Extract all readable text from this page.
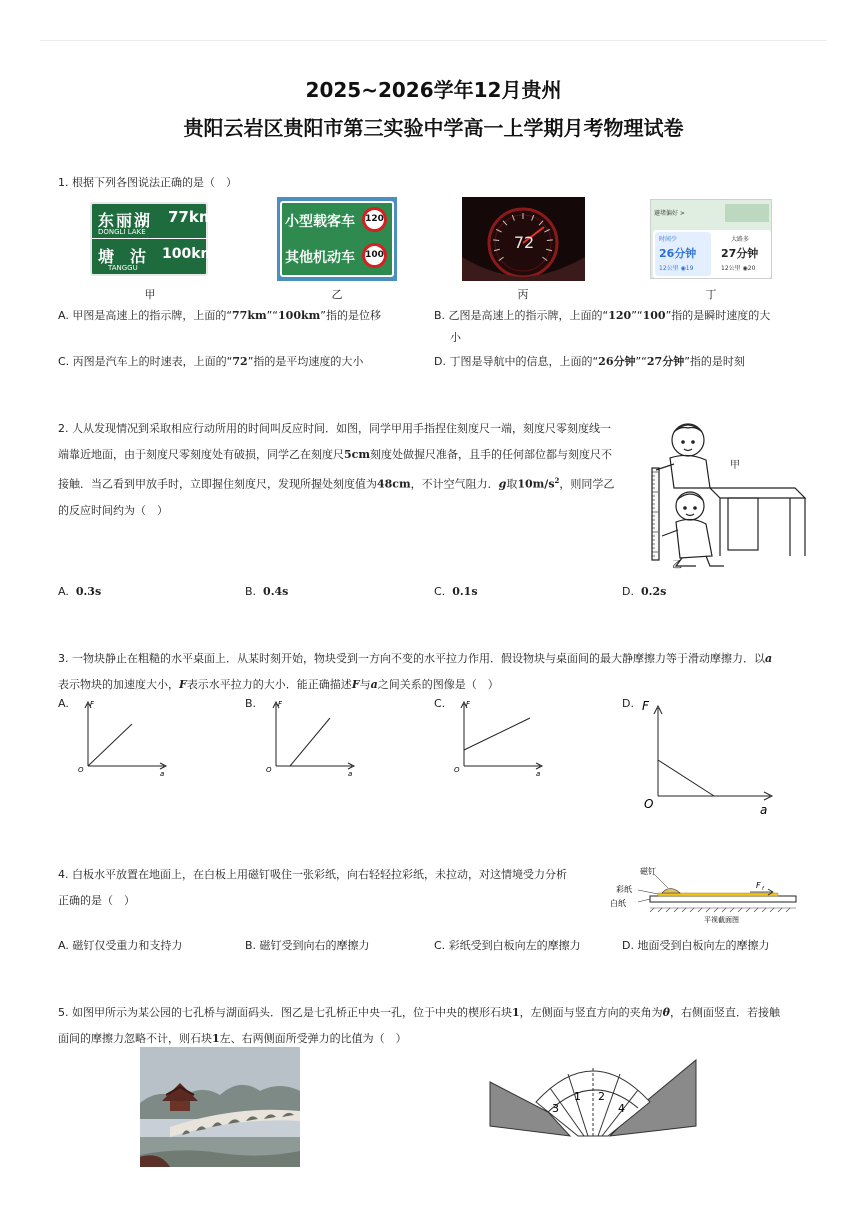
2025~2026学年12月贵州
贵阳云岩区贵阳市第三实验中学高一上学期月考物理试卷
1. 根据下列各图说法正确的是（　）
东丽湖 77km
DONGLI LAKE
塘　沽 100km
TANGGU
小型载客车	120
其他机动车	100
72
避堵偏好 >
时间少
26分钟
12公里 ◉19
大路多
27分钟
12公里 ◉20
甲	乙	丙	丁
A. 甲图是高速上的指示牌，上面的“77km”“100km”指的是位移	B. 乙图是高速上的指示牌，上面的“120”“100”指的是瞬时速度的大
小
C. 丙图是汽车上的时速表，上面的“72”指的是平均速度的大小	D. 丁图是导航中的信息，上面的“26分钟”“27分钟”指的是时刻
2. 人从发现情况到采取相应行动所用的时间叫反应时间．如图，同学甲用手指捏住刻度尺一端，刻度尺零刻度线一
端靠近地面，由于刻度尺零刻度处有破损，同学乙在刻度尺5cm刻度处做握尺准备，且手的任何部位都与刻度尺不
接触．当乙看到甲放手时，立即握住刻度尺，发现所握处刻度值为48cm，不计空气阻力．g取$10m/s^2$，则同学乙
的反应时间约为（　）
甲
乙
A. 0.3s	B. 0.4s	C. 0.1s	D. 0.2s
3. 一物块静止在粗糙的水平桌面上．从某时刻开始，物块受到一方向不变的水平拉力作用．假设物块与桌面间的最大静摩擦力等于滑动摩擦力．以a
表示物块的加速度大小，F表示水平拉力的大小．能正确描述F与a之间关系的图像是（　）
A.	F
a
O
B.	F
a
O
C.	F
a
O
D. F
a
O
4. 白板水平放置在地面上，在白板上用磁钉吸住一张彩纸，向右轻轻拉彩纸，未拉动，对这情境受力分析
正确的是（　）
磁钉
彩纸
白纸
F f
平视截面图
A. 磁钉仅受重力和支持力	B. 磁钉受到向右的摩擦力	C. 彩纸受到白板向左的摩擦力	D. 地面受到白板向左的摩擦力
5. 如图甲所示为某公园的七孔桥与湖面码头．图乙是七孔桥正中央一孔，位于中央的楔形石块1，左侧面与竖直方向的夹角为θ，右侧面竖直．若接触
面间的摩擦力忽略不计，则石块1左、右两侧面所受弹力的比值为（　）
1 2
3	4
